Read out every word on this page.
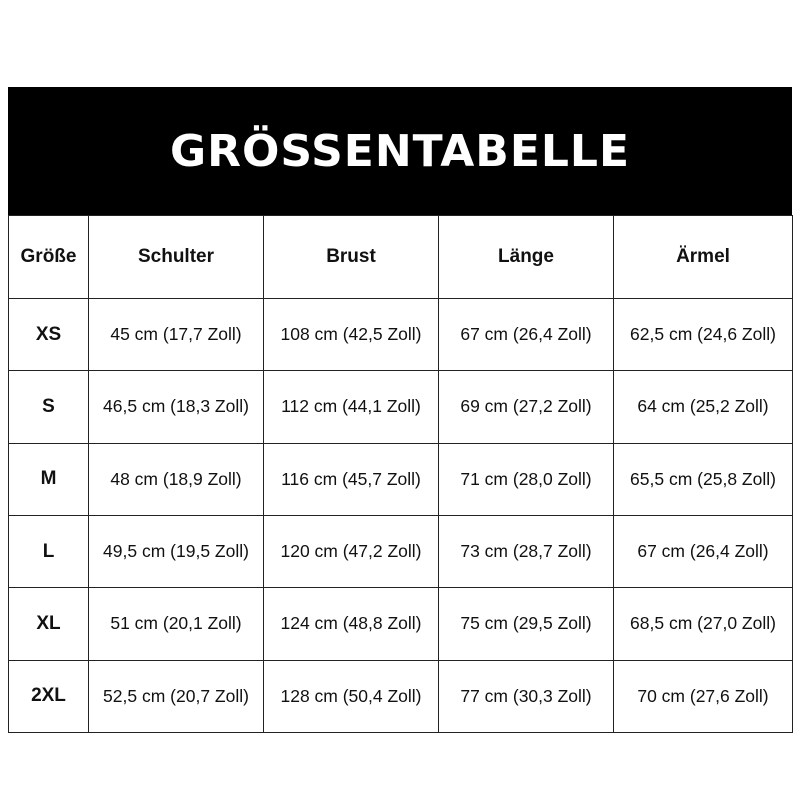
GRÖSSENTABELLE
Größe	Schulter	Brust	Länge	Ärmel
XS	45 cm (17,7 Zoll)	108 cm (42,5 Zoll)	67 cm (26,4 Zoll)	62,5 cm (24,6 Zoll)
S	46,5 cm (18,3 Zoll)	112 cm (44,1 Zoll)	69 cm (27,2 Zoll)	64 cm (25,2 Zoll)
M	48 cm (18,9 Zoll)	116 cm (45,7 Zoll)	71 cm (28,0 Zoll)	65,5 cm (25,8 Zoll)
L	49,5 cm (19,5 Zoll)	120 cm (47,2 Zoll)	73 cm (28,7 Zoll)	67 cm (26,4 Zoll)
XL	51 cm (20,1 Zoll)	124 cm (48,8 Zoll)	75 cm (29,5 Zoll)	68,5 cm (27,0 Zoll)
2XL	52,5 cm (20,7 Zoll)	128 cm (50,4 Zoll)	77 cm (30,3 Zoll)	70 cm (27,6 Zoll)
